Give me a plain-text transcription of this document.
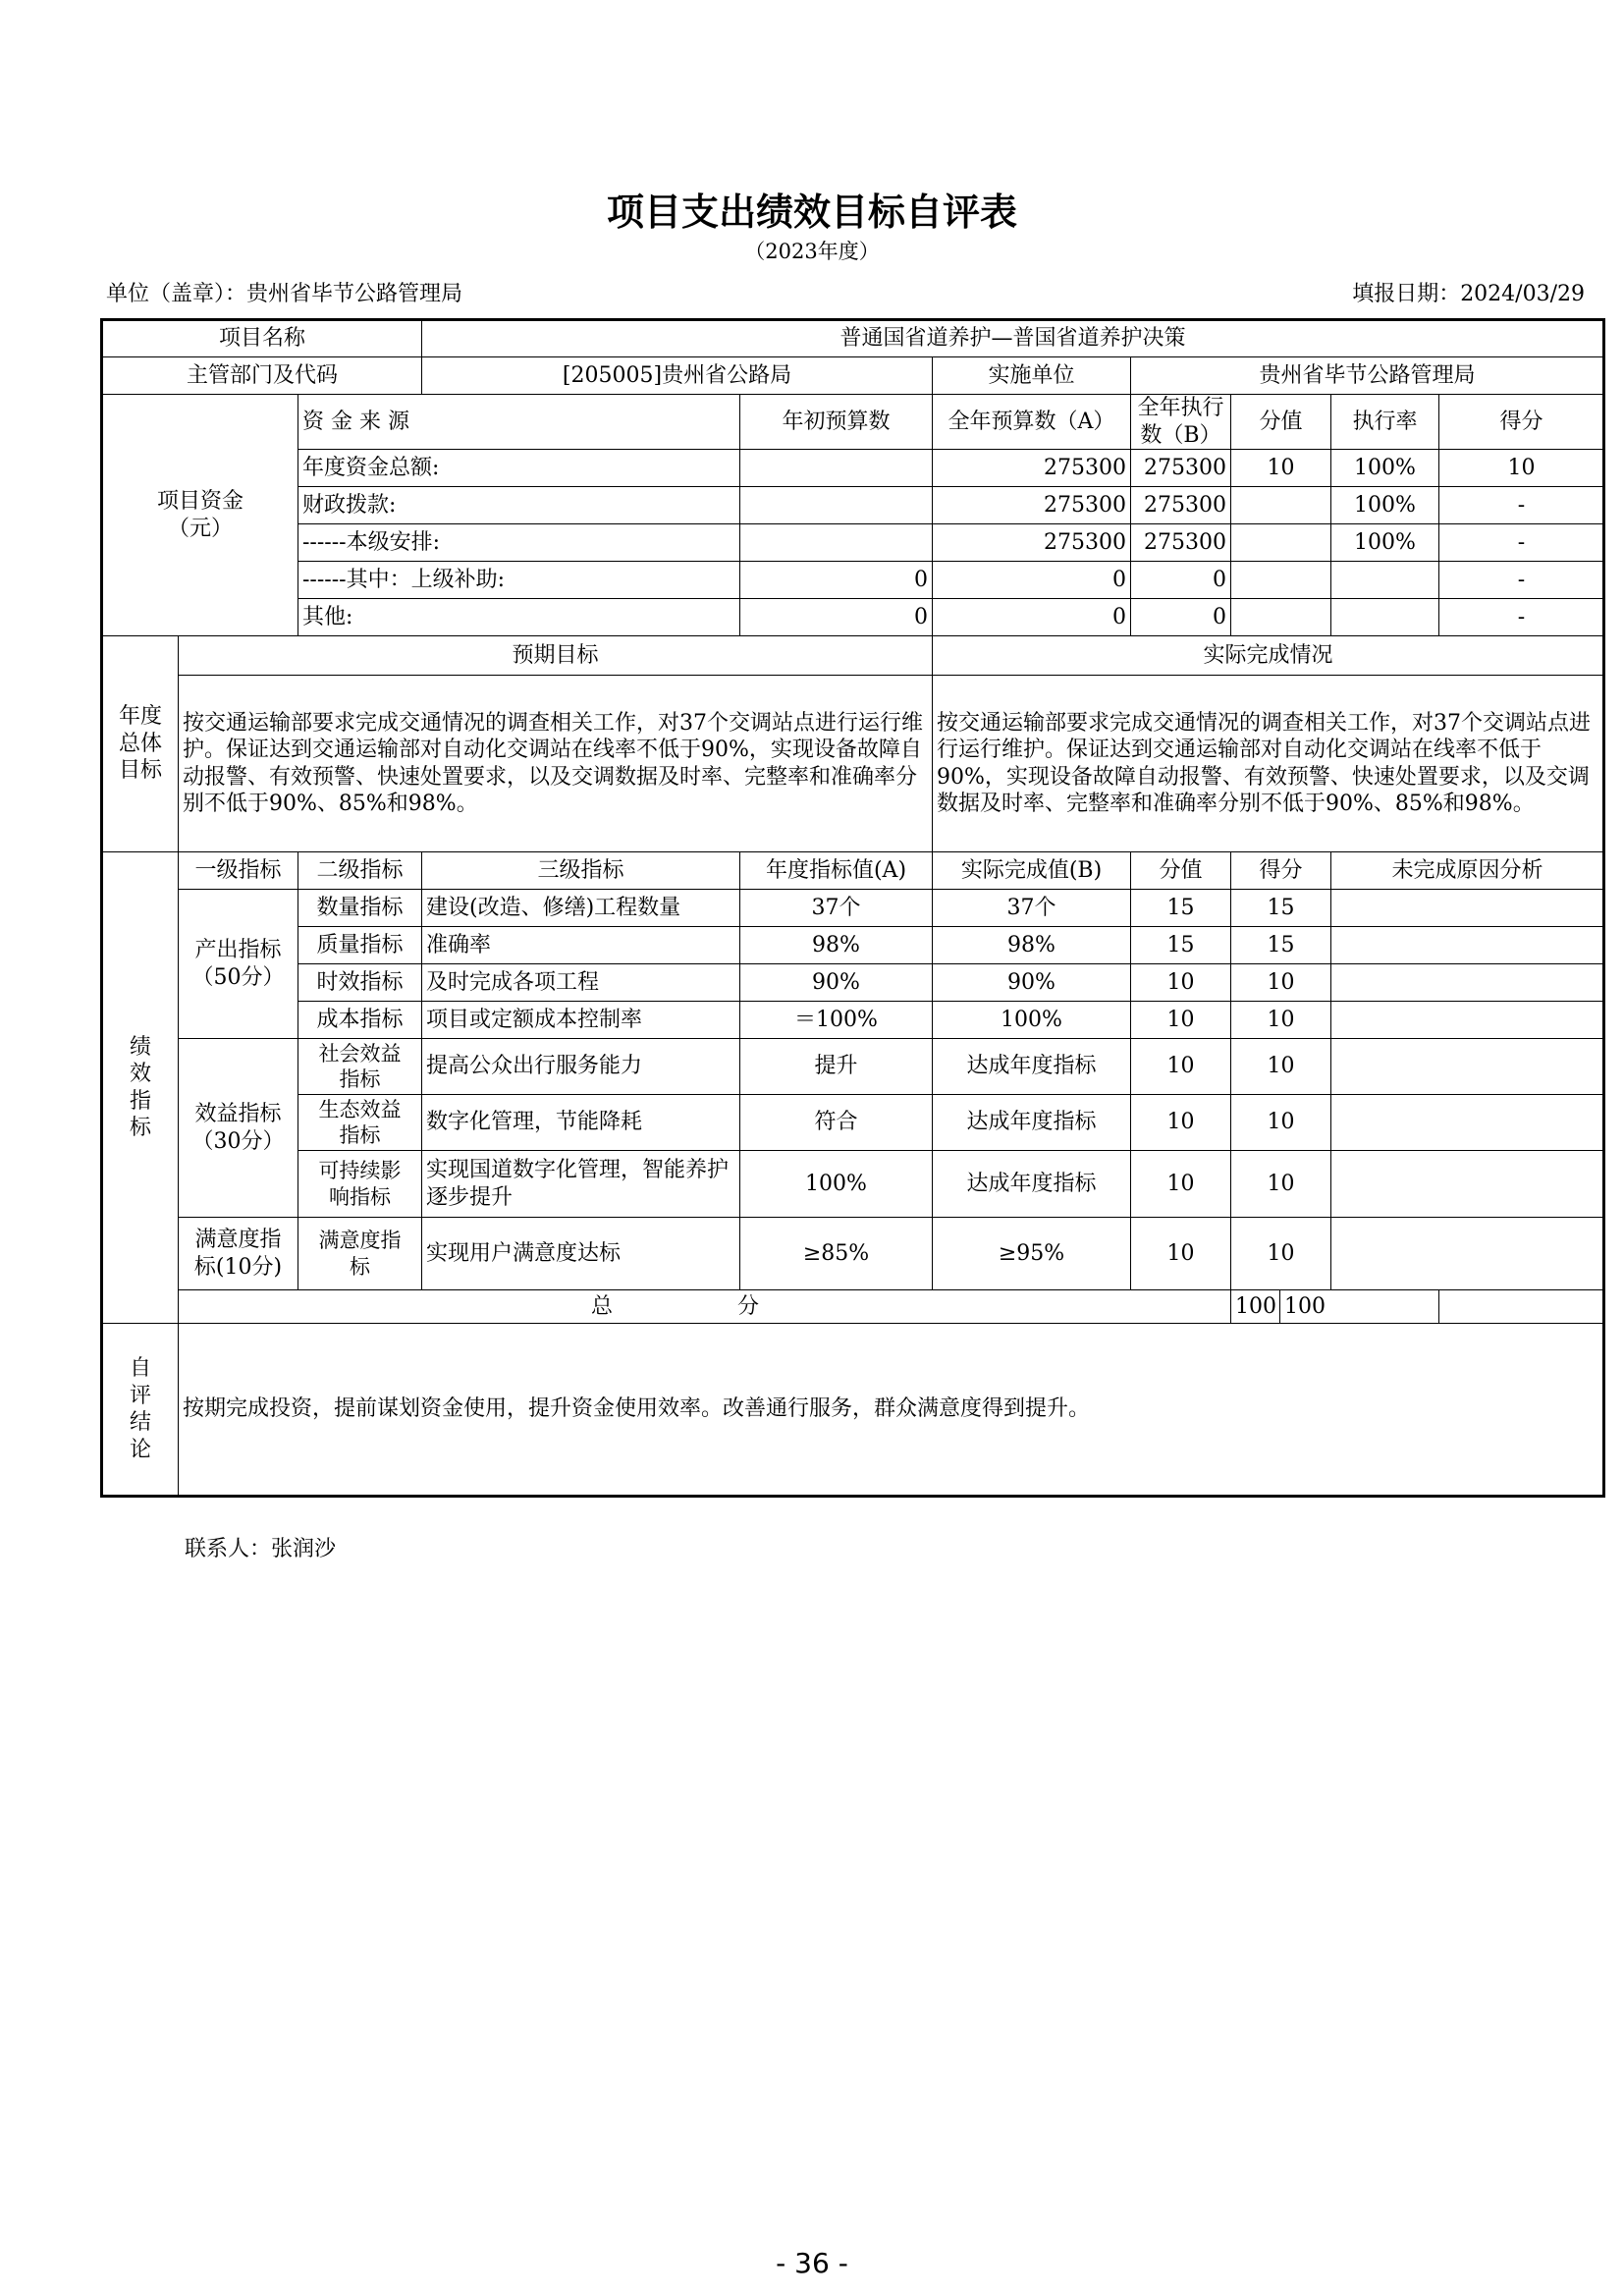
项目支出绩效目标自评表
（2023年度）
单位（盖章）：贵州省毕节公路管理局	填报日期：2024/03/29
项目名称			普通国省道养护—普国省道养护决策							
主管部门及代码			[205005]贵州省公路局		实施单位	贵州省毕节公路管理局				
项目资金
（元）		资 金 来 源		年初预算数	全年预算数（A）	全年执行数（B）	分值		执行率	得分
		年度资金总额:			275300	275300	10		100%	10
		财政拨款:			275300	275300			100%	-
		------本级安排:			275300	275300			100%	-
		------其中：上级补助:		0	0	0				-
		其他:		0	0	0				-
年度
总体
目标	预期目标				实际完成情况					
	按交通运输部要求完成交通情况的调查相关工作，对37个交调站点进行运行维护。保证达到交通运输部对自动化交调站在线率不低于90%，实现设备故障自动报警、有效预警、快速处置要求，以及交调数据及时率、完整率和准确率分别不低于90%、85%和98%。				按交通运输部要求完成交通情况的调查相关工作，对37个交调站点进行运行维护。保证达到交通运输部对自动化交调站在线率不低于90%，实现设备故障自动报警、有效预警、快速处置要求，以及交调数据及时率、完整率和准确率分别不低于90%、85%和98%。					
绩
效
指
标	一级指标	二级指标	三级指标	年度指标值(A)	实际完成值(B)	分值	得分		未完成原因分析	
	产出指标
（50分）	数量指标	建设(改造、修缮)工程数量	37个	37个	15	15			
		质量指标	准确率	98%	98%	15	15			
		时效指标	及时完成各项工程	90%	90%	10	10			
		成本指标	项目或定额成本控制率	＝100%	100%	10	10			
	效益指标
（30分）	社会效益
指标	提高公众出行服务能力	提升	达成年度指标	10	10			
		生态效益
指标	数字化管理，节能降耗	符合	达成年度指标	10	10			
		可持续影
响指标	实现国道数字化管理，智能养护逐步提升	100%	达成年度指标	10	10			
	满意度指
标(10分)	满意度指
标	实现用户满意度达标	≥85%	≥95%	10	10			
	总 分						100	100		
自
评
结
论	按期完成投资，提前谋划资金使用，提升资金使用效率。改善通行服务，群众满意度得到提升。									
联系人：张润沙
- 36 -
